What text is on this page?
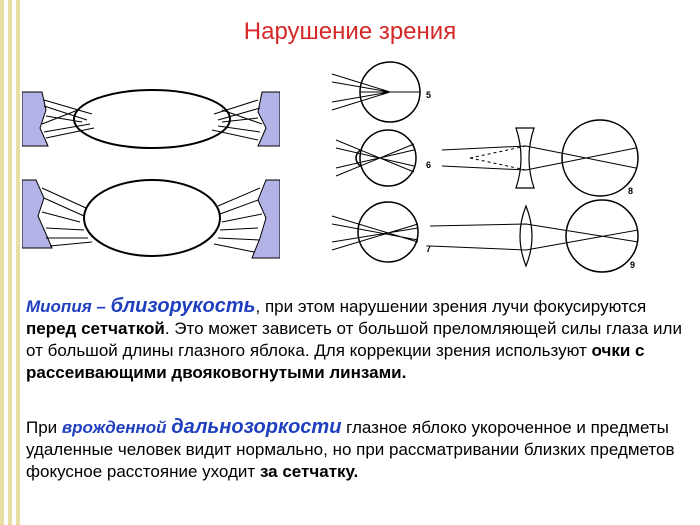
Нарушение зрения
5
6
7
8
9

Миопия – близорукость, при этом нарушении зрения лучи фокусируются перед сетчаткой. Это может зависеть от большой преломляющей силы глаза или от большой длины глазного яблока. Для коррекции зрения используют очки с рассеивающими двояковогнутыми линзами.

При врожденной дальнозоркости глазное яблоко укороченное и предметы удаленные человек видит нормально, но при рассматривании близких предметов фокусное расстояние уходит за сетчатку.
